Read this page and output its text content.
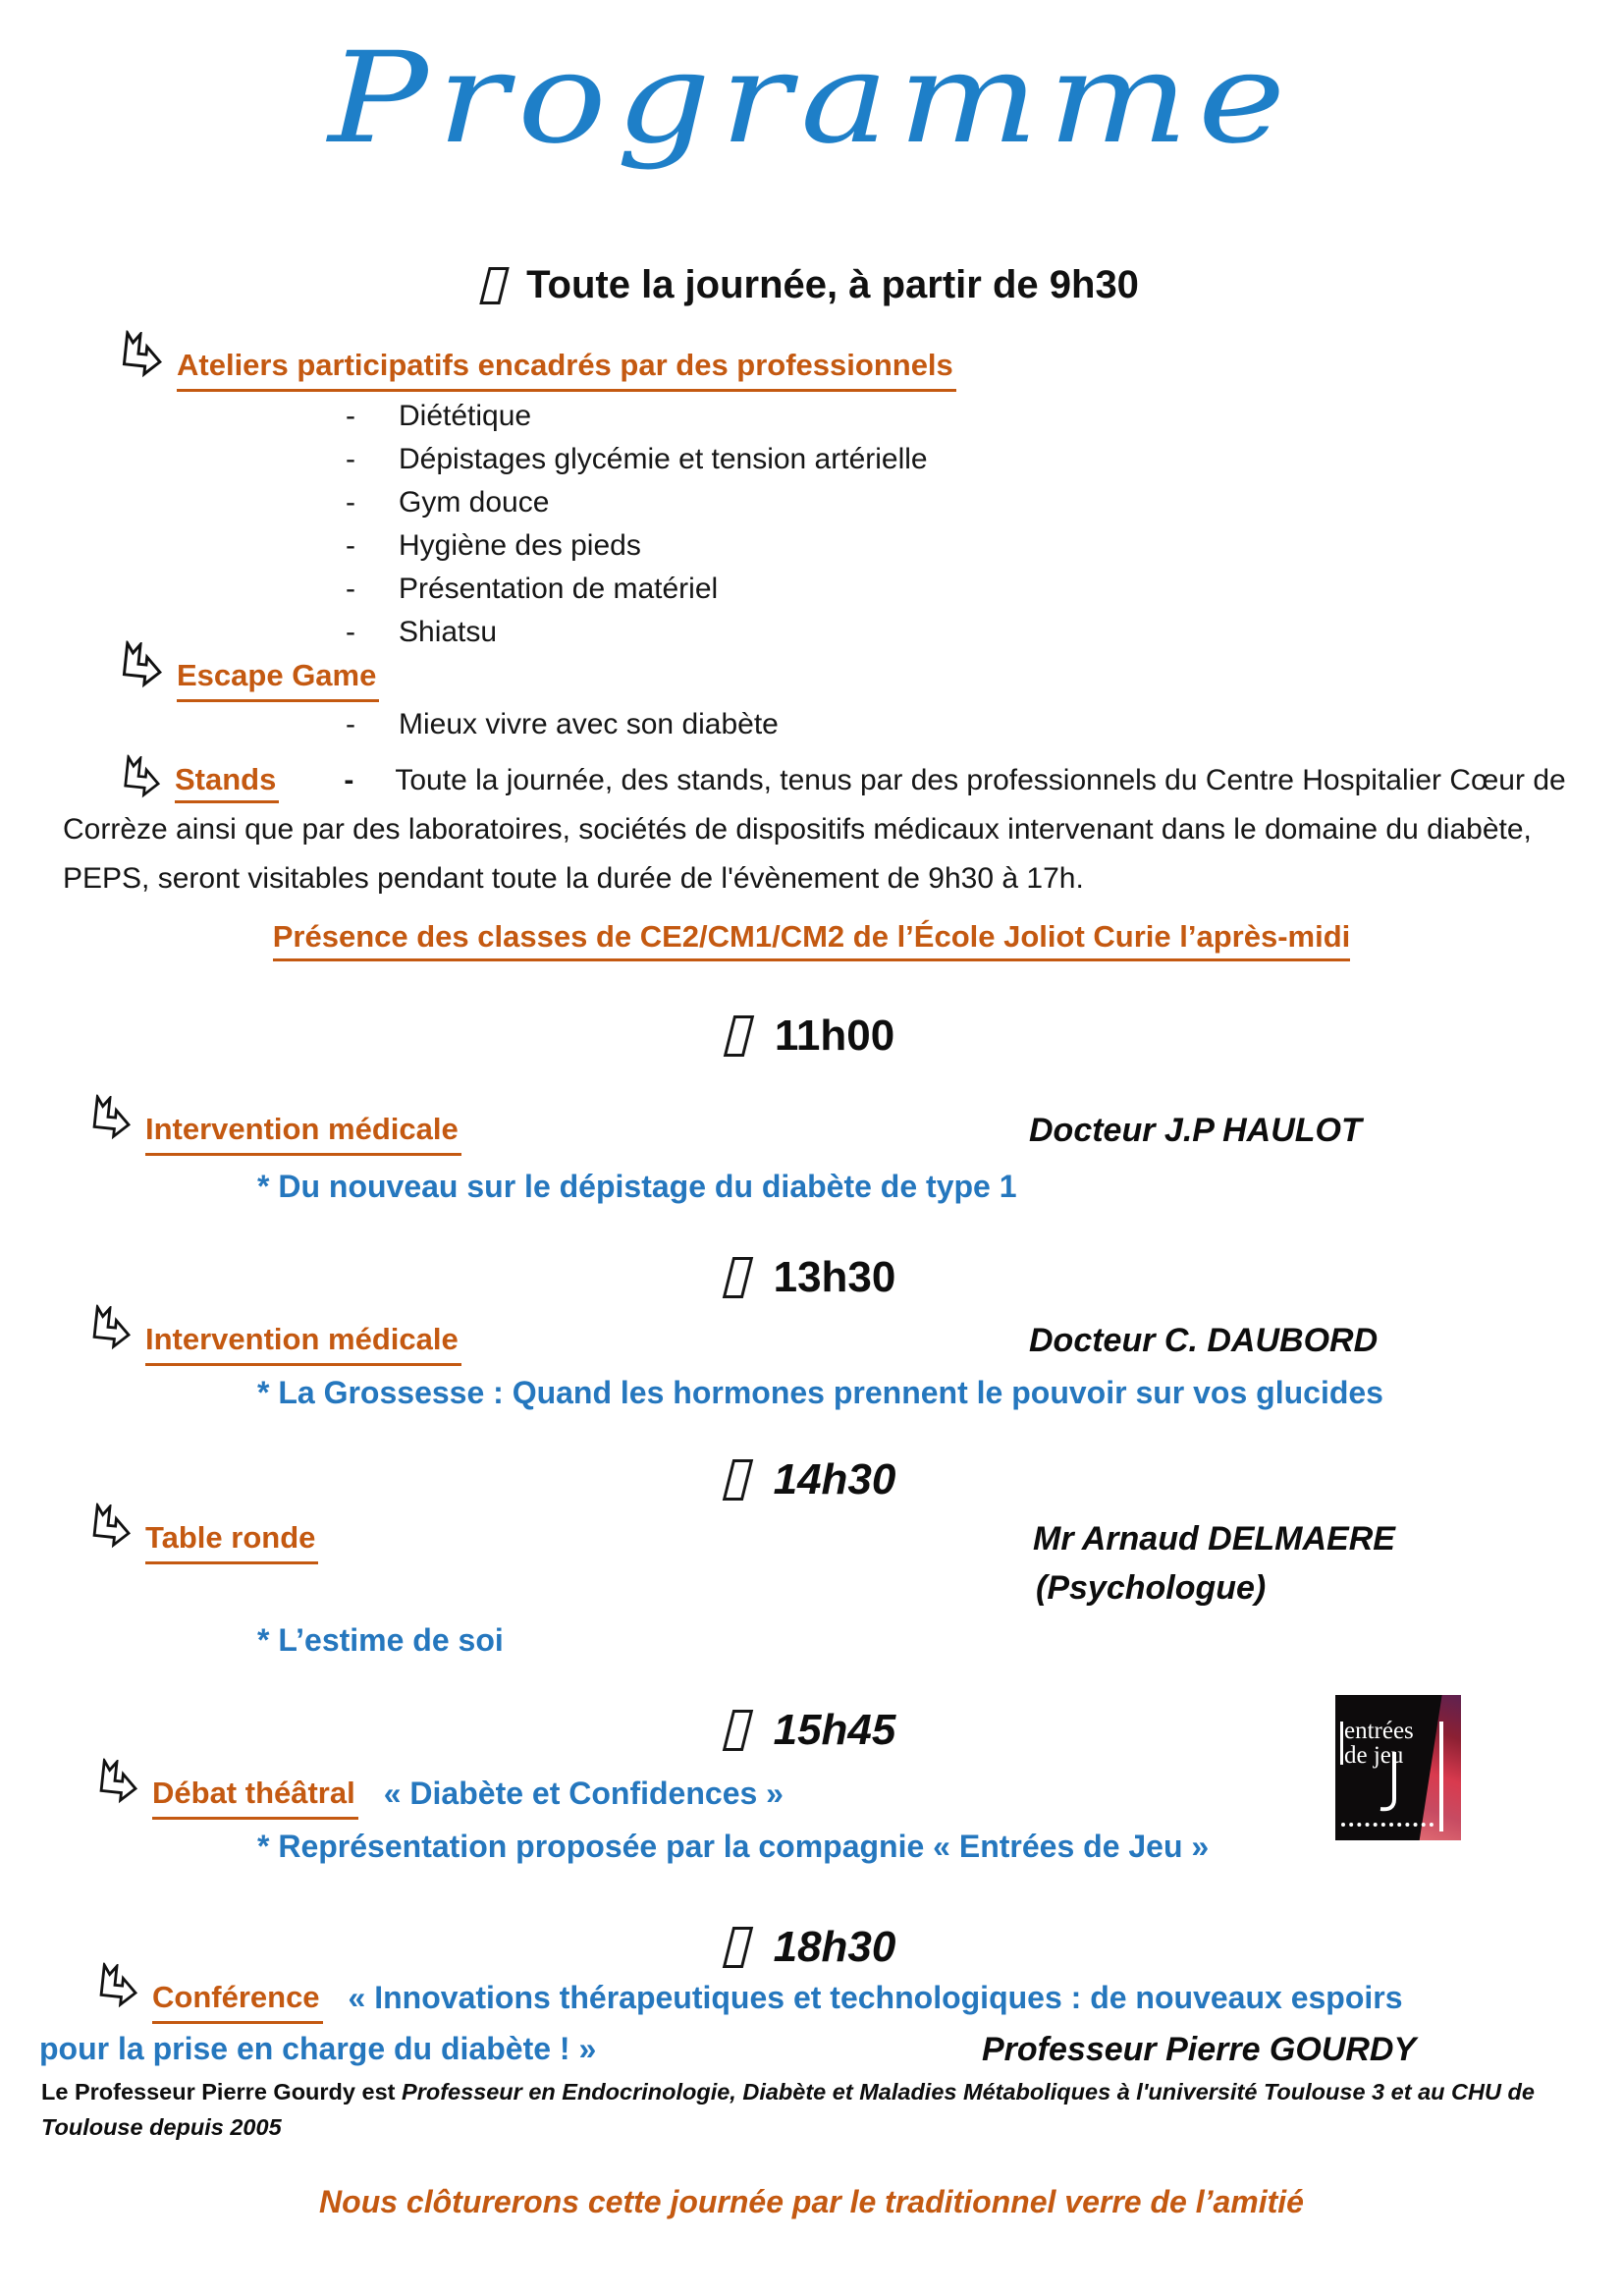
Programme
Toute la journée, à partir de 9h30
Ateliers participatifs encadrés par des professionnels
-	Diététique
-	Dépistages glycémie et tension artérielle
-	Gym douce
-	Hygiène des pieds
-	Présentation de matériel
-	Shiatsu
Escape Game
-	Mieux vivre avec son diabète

Stands - Toute la journée, des stands, tenus par des professionnels du Centre Hospitalier Cœur de Corrèze ainsi que par des laboratoires, sociétés de dispositifs médicaux intervenant dans le domaine du diabète, PEPS, seront visitables pendant toute la durée de l'évènement de 9h30 à 17h.

Présence des classes de CE2/CM1/CM2 de l’École Joliot Curie l’après-midi
11h00
Intervention médicale	Docteur J.P HAULOT
* Du nouveau sur le dépistage du diabète de type 1
13h30
Intervention médicale	Docteur C. DAUBORD
* La Grossesse : Quand les hormones prennent le pouvoir sur vos glucides
14h30
Table ronde	Mr Arnaud DELMAERE
(Psychologue)
* L’estime de soi
15h45
Débat théâtral « Diabète et Confidences »
* Représentation proposée par la compagnie « Entrées de Jeu »
entrées
de jeu
18h30
Conférence « Innovations thérapeutiques et technologiques : de nouveaux espoirs
pour la prise en charge du diabète ! »	Professeur Pierre GOURDY

Le Professeur Pierre Gourdy est Professeur en Endocrinologie, Diabète et Maladies Métaboliques à l'université Toulouse 3 et au CHU de Toulouse depuis 2005

Nous clôturerons cette journée par le traditionnel verre de l’amitié
